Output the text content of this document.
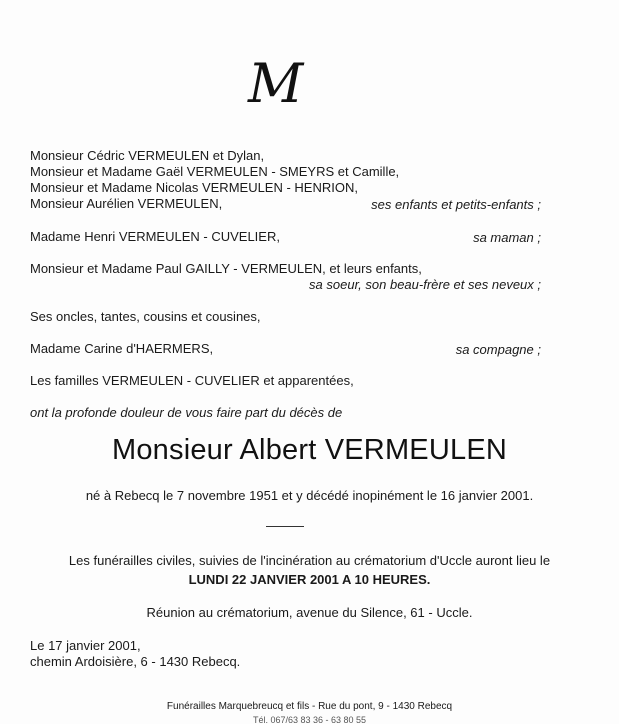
M
Monsieur Cédric VERMEULEN et Dylan,
Monsieur et Madame Gaël VERMEULEN - SMEYRS et Camille,
Monsieur et Madame Nicolas VERMEULEN - HENRION,
Monsieur Aurélien VERMEULEN,	ses enfants et petits-enfants ;
Madame Henri VERMEULEN - CUVELIER,	sa maman ;
Monsieur et Madame Paul GAILLY - VERMEULEN, et leurs enfants,
sa soeur, son beau-frère et ses neveux ;
Ses oncles, tantes, cousins et cousines,
Madame Carine d'HAERMERS,	sa compagne ;
Les familles VERMEULEN - CUVELIER et apparentées,
ont la profonde douleur de vous faire part du décès de
Monsieur Albert VERMEULEN
né à Rebecq le 7 novembre 1951 et y décédé inopinément le 16 janvier 2001.
Les funérailles civiles, suivies de l'incinération au crématorium d'Uccle auront lieu le
LUNDI 22 JANVIER 2001 A 10 HEURES.
Réunion au crématorium, avenue du Silence, 61 - Uccle.
Le 17 janvier 2001,
chemin Ardoisière, 6 - 1430 Rebecq.
Funérailles Marquebreucq et fils - Rue du pont, 9 - 1430 Rebecq
Tél. 067/63 83 36 - 63 80 55
